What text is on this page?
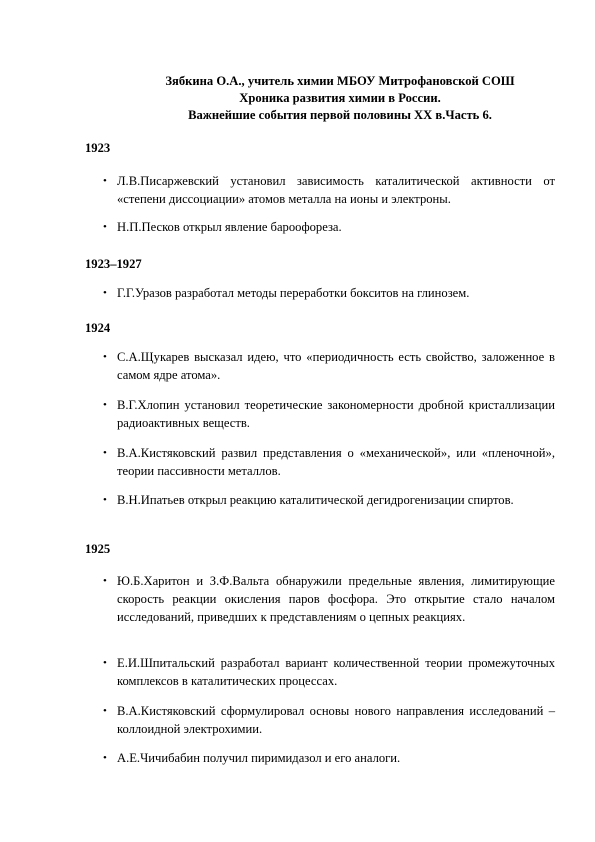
Зябкина О.А., учитель химии МБОУ Митрофановской СОШ
Хроника развития химии в России.
Важнейшие события первой половины ХХ в.Часть 6.

1923

• Л.В.Писаржевский установил зависимость каталитической активности от «степени диссоциации» атомов металла на ионы и электроны.

• Н.П.Песков открыл явление бароофореза.

1923–1927

• Г.Г.Уразов разработал методы переработки бокситов на глинозем.

1924

• С.А.Щукарев высказал идею, что «периодичность есть свойство, заложенное в самом ядре атома».

• В.Г.Хлопин установил теоретические закономерности дробной кристаллизации радиоактивных веществ.

• В.А.Кистяковский развил представления о «механической», или «пленочной», теории пассивности металлов.

• В.Н.Ипатьев открыл реакцию каталитической дегидрогенизации спиртов.

1925

• Ю.Б.Харитон и З.Ф.Вальта обнаружили предельные явления, лимитирующие скорость реакции окисления паров фосфора. Это открытие стало началом исследований, приведших к представлениям о цепных реакциях.

• Е.И.Шпитальский разработал вариант количественной теории промежуточных комплексов в каталитических процессах.

• В.А.Кистяковский сформулировал основы нового направления исследований – коллоидной электрохимии.

• А.Е.Чичибабин получил пиримидазол и его аналоги.
